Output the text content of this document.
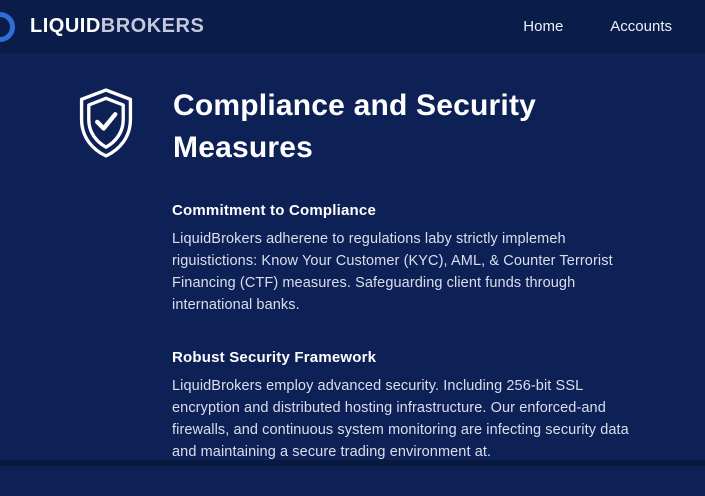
LIQUIDBROKERS	Home	Accounts
Compliance and Security Measures
Commitment to Compliance

LiquidBrokers adherene to regulations laby strictly implemeh riguistictions: Know Your Customer (KYC), AML, & Counter Terrorist Financing (CTF) measures. Safeguarding client funds through international banks.

Robust Security Framework

LiquidBrokers employ advanced security. Including 256-bit SSL encryption and distributed hosting infrastructure. Our enforced-and firewalls, and continuous system monitoring are infecting security data and maintaining a secure trading environment at.
